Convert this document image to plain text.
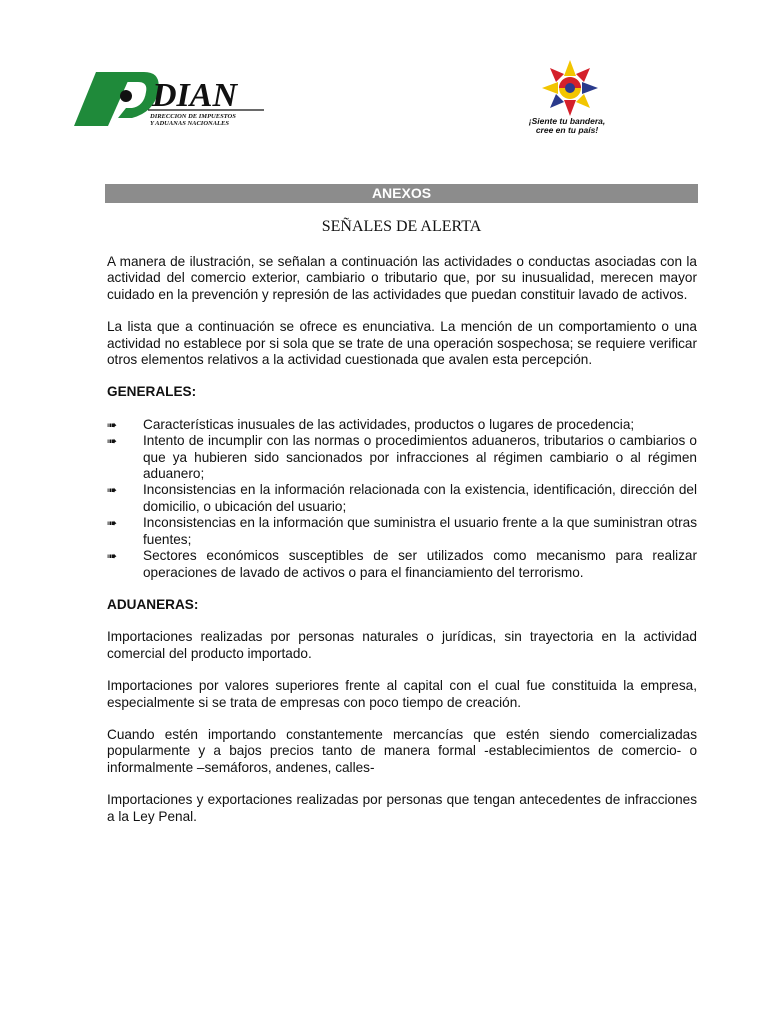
DIAN
DIRECCION DE IMPUESTOS
Y ADUANAS NACIONALES	¡Siente tu bandera,
cree en tu país!
ANEXOS
SEÑALES DE ALERTA

A manera de ilustración, se señalan a continuación las actividades o conductas asociadas con la actividad del comercio exterior, cambiario o tributario que, por su inusualidad, merecen mayor cuidado en la prevención y represión de las actividades que puedan constituir lavado de activos.

La lista que a continuación se ofrece es enunciativa. La mención de un comportamiento o una actividad no establece por si sola que se trate de una operación sospechosa; se requiere verificar otros elementos relativos a la actividad cuestionada que avalen esta percepción.

GENERALES:
➠ Características inusuales de las actividades, productos o lugares de procedencia;
➠ Intento de incumplir con las normas o procedimientos aduaneros, tributarios o cambiarios o que ya hubieren sido sancionados por infracciones al régimen cambiario o al régimen aduanero;
➠ Inconsistencias en la información relacionada con la existencia, identificación, dirección del domicilio, o ubicación del usuario;
➠ Inconsistencias en la información que suministra el usuario frente a la que suministran otras fuentes;
➠ Sectores económicos susceptibles de ser utilizados como mecanismo para realizar operaciones de lavado de activos o para el financiamiento del terrorismo.
ADUANERAS:

Importaciones realizadas por personas naturales o jurídicas, sin trayectoria en la actividad comercial del producto importado.

Importaciones por valores superiores frente al capital con el cual fue constituida la empresa, especialmente si se trata de empresas con poco tiempo de creación.

Cuando estén importando constantemente mercancías que estén siendo comercializadas popularmente y a bajos precios tanto de manera formal -establecimientos de comercio- o informalmente –semáforos, andenes, calles-

Importaciones y exportaciones realizadas por personas que tengan antecedentes de infracciones a la Ley Penal.
